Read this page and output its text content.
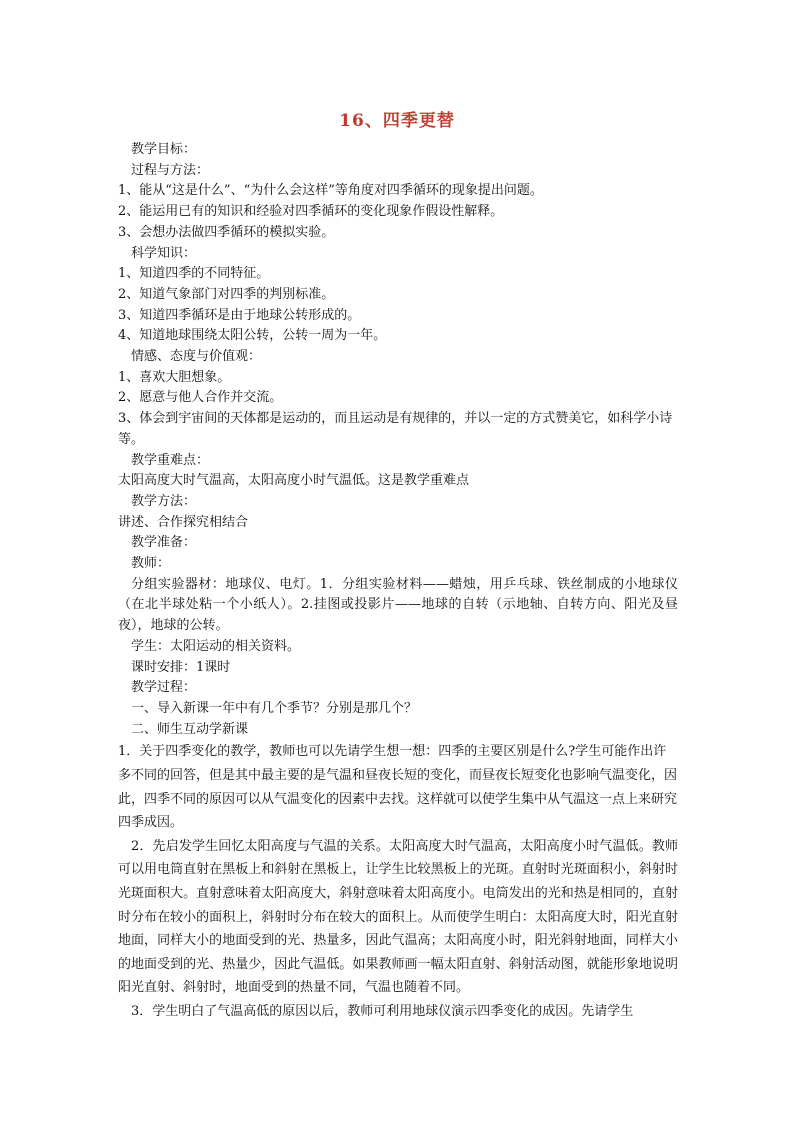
16、四季更替

教学目标：

过程与方法：

1、能从“这是什么”、“为什么会这样”等角度对四季循环的现象提出问题。

2、能运用已有的知识和经验对四季循环的变化现象作假设性解释。

3、会想办法做四季循环的模拟实验。

科学知识：

1、知道四季的不同特征。

2、知道气象部门对四季的判别标准。

3、知道四季循环是由于地球公转形成的。

4、知道地球围绕太阳公转，公转一周为一年。

情感、态度与价值观：

1、喜欢大胆想象。

2、愿意与他人合作并交流。

3、体会到宇宙间的天体都是运动的，而且运动是有规律的，并以一定的方式赞美它，如科学小诗等。

教学重难点：

太阳高度大时气温高，太阳高度小时气温低。这是教学重难点

教学方法：

讲述、合作探究相结合

教学准备：

教师：

分组实验器材：地球仪、电灯。1．分组实验材料——蜡烛，用乒乓球、铁丝制成的小地球仪（在北半球处粘一个小纸人）。2.挂图或投影片——地球的自转（示地轴、自转方向、阳光及昼夜），地球的公转。

学生：太阳运动的相关资料。

课时安排：1课时

教学过程：

一、导入新课一年中有几个季节？分别是那几个？

二、师生互动学新课

1．关于四季变化的教学，教师也可以先请学生想一想：四季的主要区别是什么?学生可能作出许多不同的回答，但是其中最主要的是气温和昼夜长短的变化，而昼夜长短变化也影响气温变化，因此，四季不同的原因可以从气温变化的因素中去找。这样就可以使学生集中从气温这一点上来研究四季成因。

2．先启发学生回忆太阳高度与气温的关系。太阳高度大时气温高，太阳高度小时气温低。教师可以用电筒直射在黑板上和斜射在黑板上，让学生比较黑板上的光斑。直射时光斑面积小，斜射时光斑面积大。直射意味着太阳高度大，斜射意味着太阳高度小。电筒发出的光和热是相同的，直射时分布在较小的面积上，斜射时分布在较大的面积上。从而使学生明白：太阳高度大时，阳光直射地面，同样大小的地面受到的光、热量多，因此气温高；太阳高度小时，阳光斜射地面，同样大小的地面受到的光、热量少，因此气温低。如果教师画一幅太阳直射、斜射活动图，就能形象地说明阳光直射、斜射时，地面受到的热量不同，气温也随着不同。

3．学生明白了气温高低的原因以后，教师可利用地球仪演示四季变化的成因。先请学生
